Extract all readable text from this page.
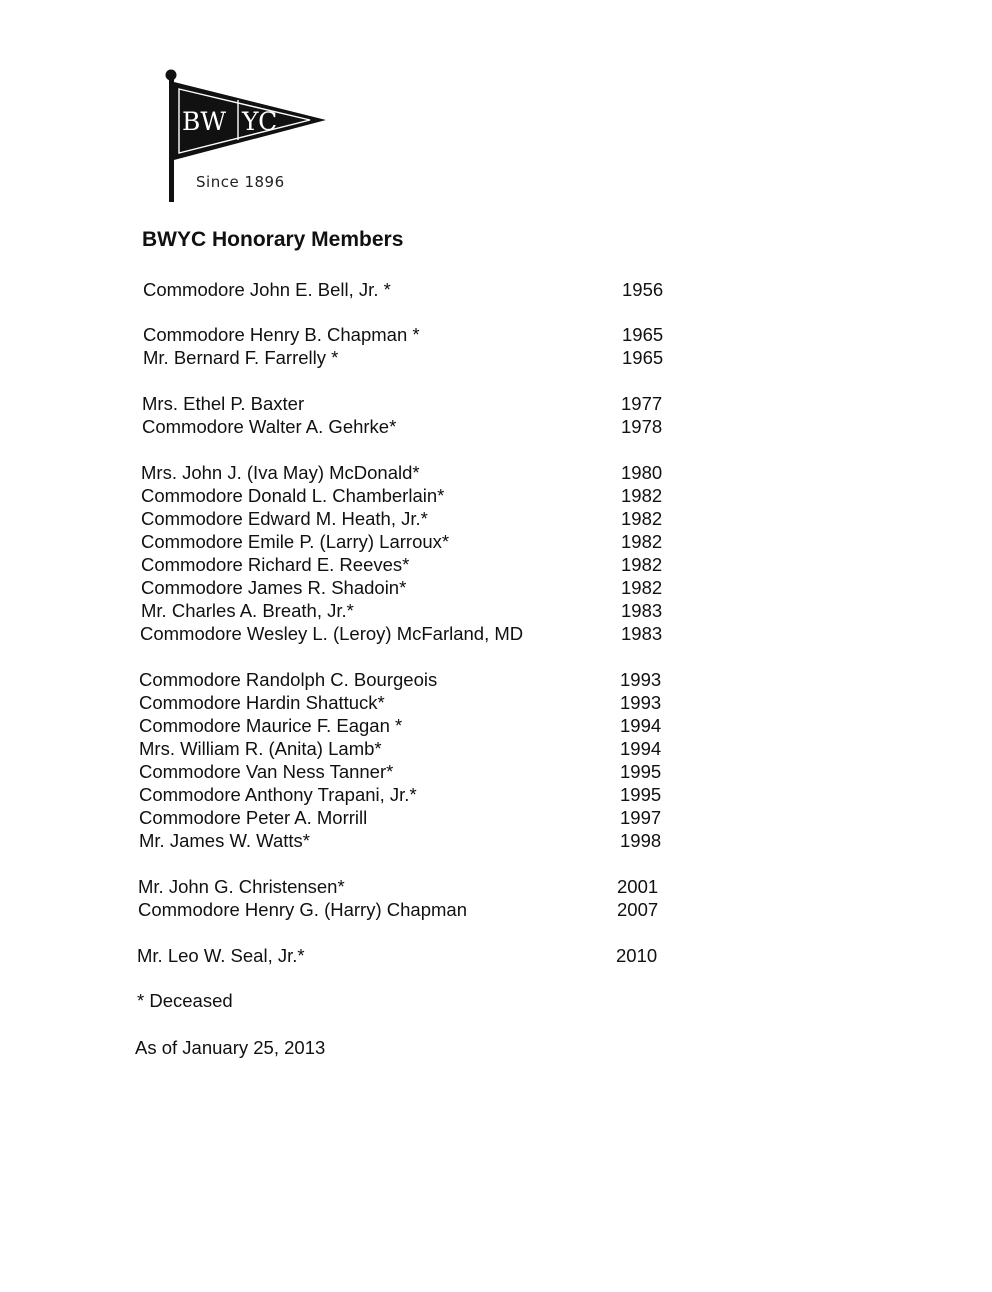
BW YC
Since 1896
BWYC Honorary Members
Commodore John E. Bell, Jr. *	1956
Commodore Henry B. Chapman *	1965
Mr. Bernard F. Farrelly *	1965
Mrs. Ethel P. Baxter	1977
Commodore Walter A. Gehrke*	1978
Mrs. John J. (Iva May) McDonald*	1980
Commodore Donald L. Chamberlain*	1982
Commodore Edward M. Heath, Jr.*	1982
Commodore Emile P. (Larry) Larroux*	1982
Commodore Richard E. Reeves*	1982
Commodore James R. Shadoin*	1982
Mr. Charles A. Breath, Jr.*	1983
Commodore Wesley L. (Leroy) McFarland, MD	1983
Commodore Randolph C. Bourgeois	1993
Commodore Hardin Shattuck*	1993
Commodore Maurice F. Eagan *	1994
Mrs. William R. (Anita) Lamb*	1994
Commodore Van Ness Tanner*	1995
Commodore Anthony Trapani, Jr.*	1995
Commodore Peter A. Morrill	1997
Mr. James W. Watts*	1998
Mr. John G. Christensen*	2001
Commodore Henry G. (Harry) Chapman	2007
Mr. Leo W. Seal, Jr.*	2010
* Deceased
As of January 25, 2013
